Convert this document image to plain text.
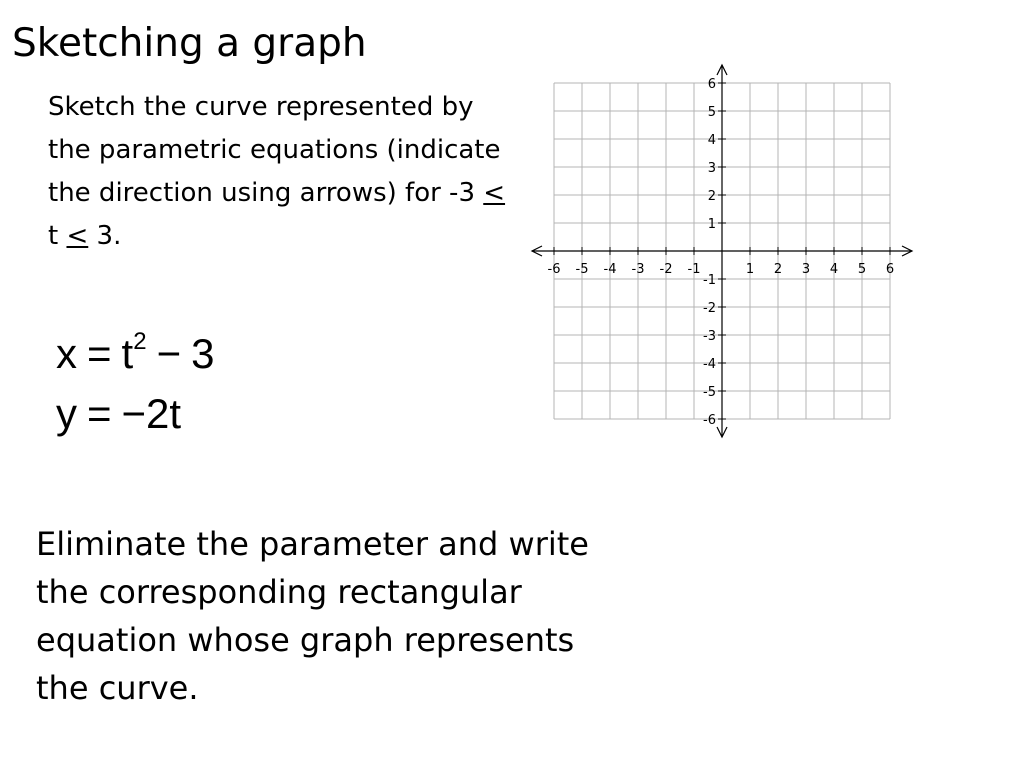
Sketching a graph

Sketch the curve represented by the parametric equations (indicate the direction using arrows) for -3 < t < 3.

$x = t^2 - 3$
y = −2t

Eliminate the parameter and write the corresponding rectangular equation whose graph represents the curve.

-6 -5 -4 -3 -2 -1	1 2 3 4 5 6
6
5
4
3
2
1
-1
-2
-3
-4
-5
-6
